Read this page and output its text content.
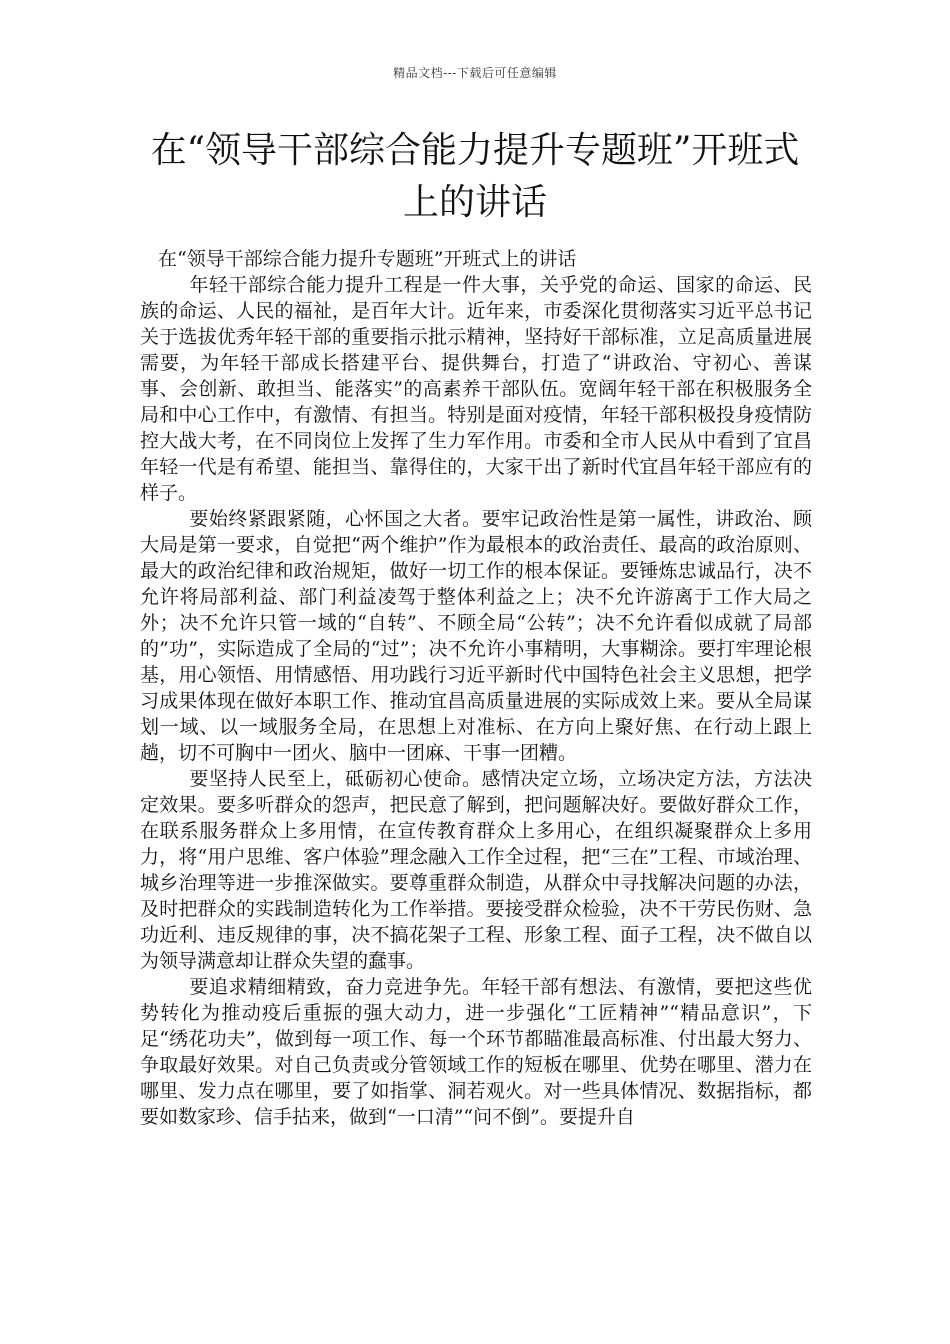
精品文档---下载后可任意编辑
在“领导干部综合能力提升专题班”开班式上的讲话

在“领导干部综合能力提升专题班”开班式上的讲话

年轻干部综合能力提升工程是一件大事，关乎党的命运、国家的命运、民族的命运、人民的福祉，是百年大计。近年来，市委深化贯彻落实习近平总书记关于选拔优秀年轻干部的重要指示批示精神，坚持好干部标准，立足高质量进展需要，为年轻干部成长搭建平台、提供舞台，打造了“讲政治、守初心、善谋事、会创新、敢担当、能落实”的高素养干部队伍。宽阔年轻干部在积极服务全局和中心工作中，有激情、有担当。特别是面对疫情，年轻干部积极投身疫情防控大战大考，在不同岗位上发挥了生力军作用。市委和全市人民从中看到了宜昌年轻一代是有希望、能担当、靠得住的，大家干出了新时代宜昌年轻干部应有的样子。

要始终紧跟紧随，心怀国之大者。要牢记政治性是第一属性，讲政治、顾大局是第一要求，自觉把“两个维护”作为最根本的政治责任、最高的政治原则、最大的政治纪律和政治规矩，做好一切工作的根本保证。要锤炼忠诚品行，决不允许将局部利益、部门利益凌驾于整体利益之上；决不允许游离于工作大局之外；决不允许只管一域的“自转”、不顾全局“公转”；决不允许看似成就了局部的”功”，实际造成了全局的“过”；决不允许小事精明，大事糊涂。要打牢理论根基，用心领悟、用情感悟、用功践行习近平新时代中国特色社会主义思想，把学习成果体现在做好本职工作、推动宜昌高质量进展的实际成效上来。要从全局谋划一域、以一域服务全局，在思想上对准标、在方向上聚好焦、在行动上跟上趟，切不可胸中一团火、脑中一团麻、干事一团糟。

要坚持人民至上，砥砺初心使命。感情决定立场，立场决定方法，方法决定效果。要多听群众的怨声，把民意了解到，把问题解决好。要做好群众工作，在联系服务群众上多用情，在宣传教育群众上多用心，在组织凝聚群众上多用力，将“用户思维、客户体验”理念融入工作全过程，把“三在”工程、市域治理、城乡治理等进一步推深做实。要尊重群众制造，从群众中寻找解决问题的办法，及时把群众的实践制造转化为工作举措。要接受群众检验，决不干劳民伤财、急功近利、违反规律的事，决不搞花架子工程、形象工程、面子工程，决不做自以为领导满意却让群众失望的蠢事。

要追求精细精致，奋力竞进争先。年轻干部有想法、有激情，要把这些优势转化为推动疫后重振的强大动力，进一步强化“工匠精神”“精品意识”，下足“绣花功夫”，做到每一项工作、每一个环节都瞄准最高标准、付出最大努力、争取最好效果。对自己负责或分管领域工作的短板在哪里、优势在哪里、潜力在哪里、发力点在哪里，要了如指掌、洞若观火。对一些具体情况、数据指标，都要如数家珍、信手拈来，做到“一口清”“问不倒”。要提升自
